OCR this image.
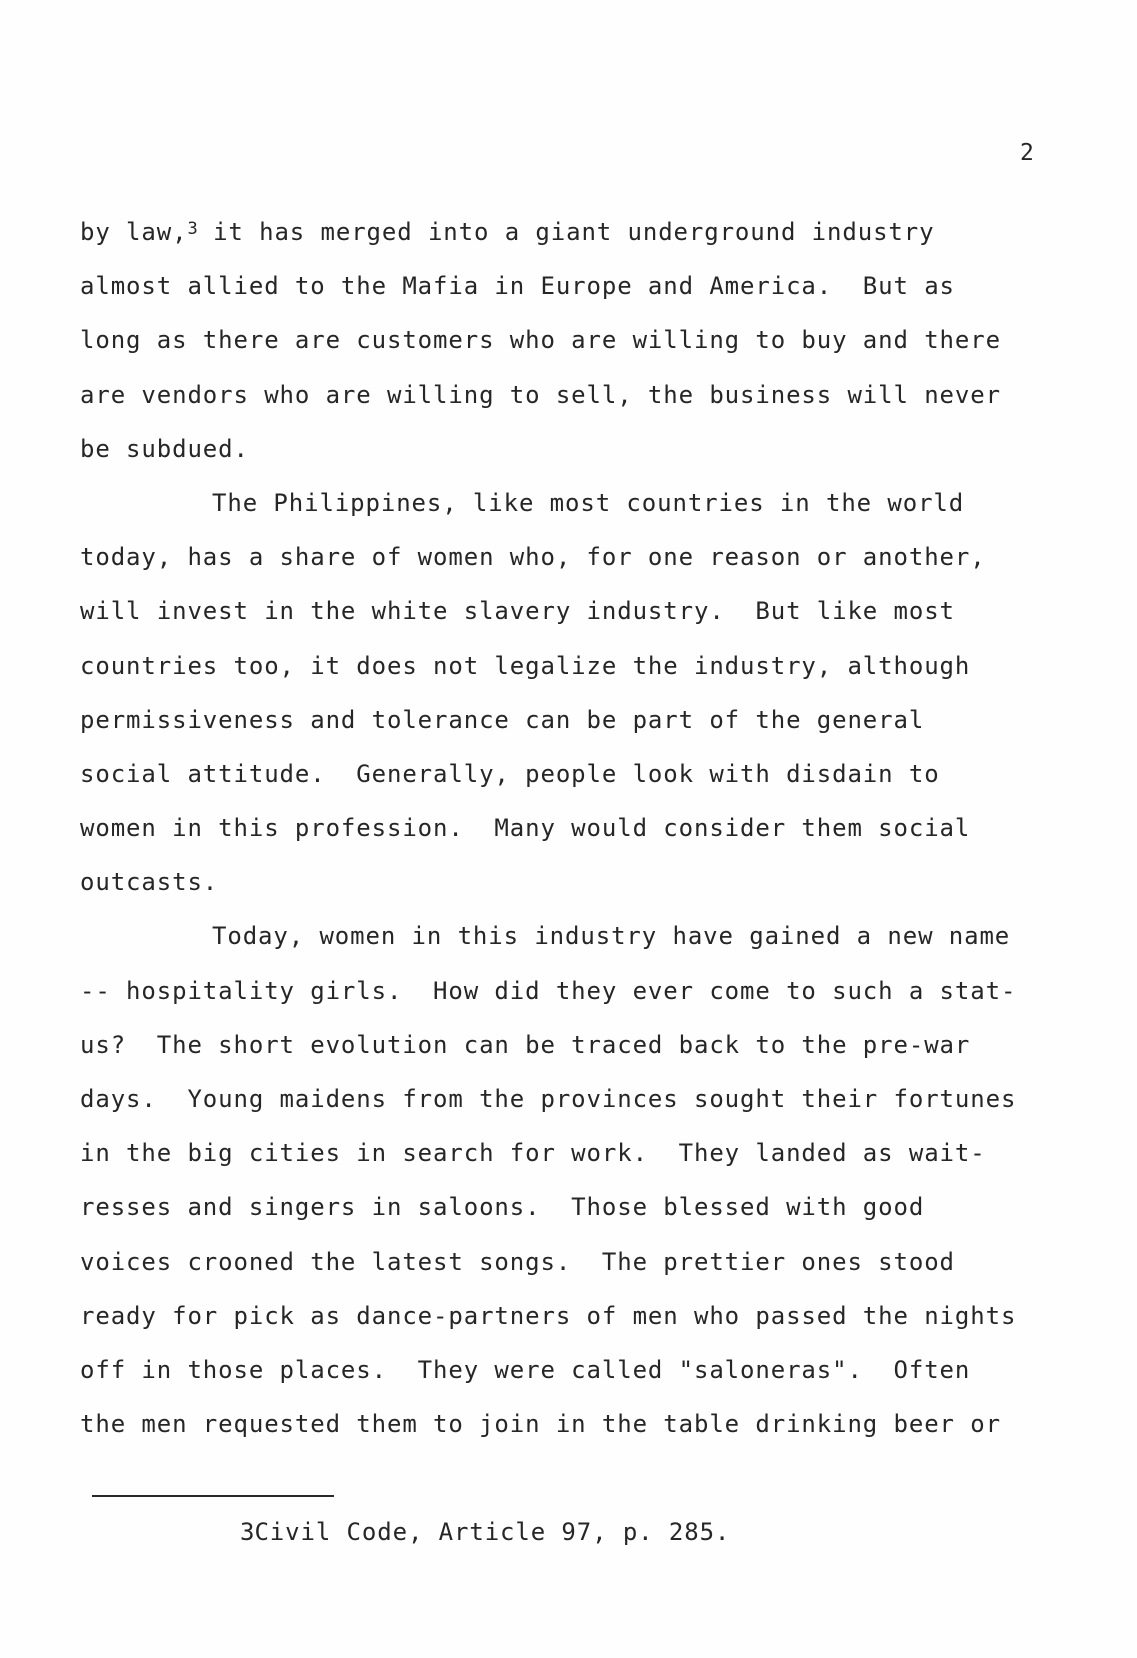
2
by law,$^3$ it has merged into a giant underground industry
almost allied to the Mafia in Europe and America.  But as
long as there are customers who are willing to buy and there
are vendors who are willing to sell, the business will never
be subdued.
The Philippines, like most countries in the world
today, has a share of women who, for one reason or another,
will invest in the white slavery industry.  But like most
countries too, it does not legalize the industry, although
permissiveness and tolerance can be part of the general
social attitude.  Generally, people look with disdain to
women in this profession.  Many would consider them social
outcasts.
Today, women in this industry have gained a new name
-- hospitality girls.  How did they ever come to such a stat-
us?  The short evolution can be traced back to the pre-war
days.  Young maidens from the provinces sought their fortunes
in the big cities in search for work.  They landed as wait-
resses and singers in saloons.  Those blessed with good
voices crooned the latest songs.  The prettier ones stood
ready for pick as dance-partners of men who passed the nights
off in those places.  They were called "saloneras".  Often
the men requested them to join in the table drinking beer or
3Civil Code, Article 97, p. 285.
